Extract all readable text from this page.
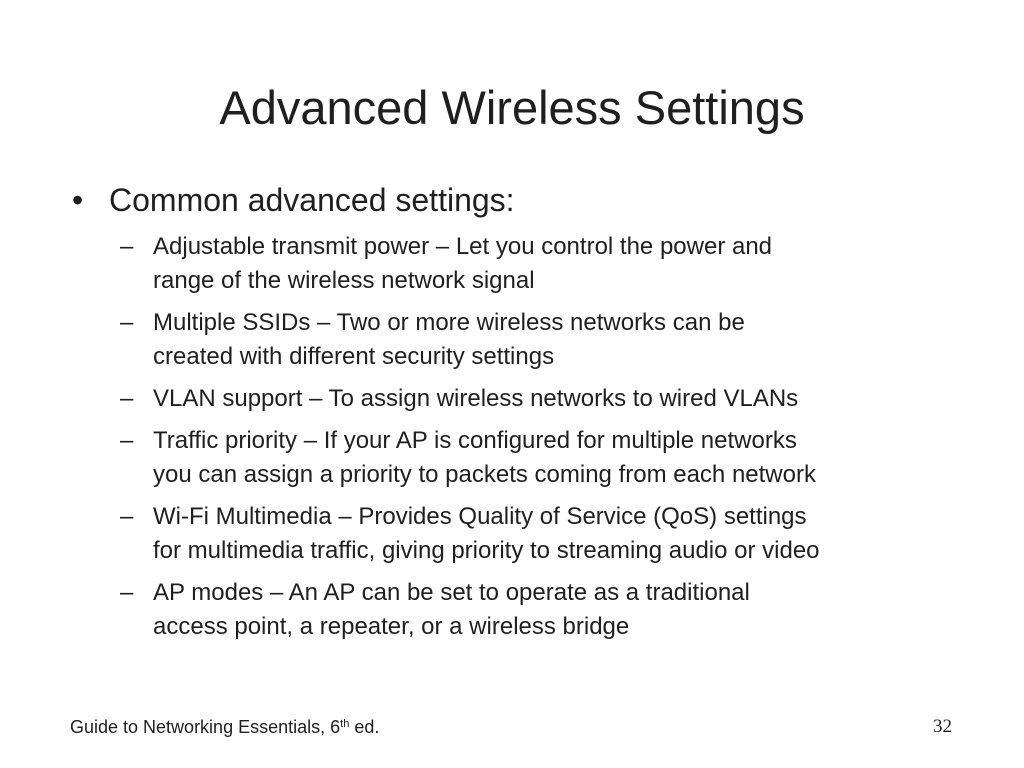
Advanced Wireless Settings
• Common advanced settings:
– Adjustable transmit power – Let you control the power and
range of the wireless network signal
– Multiple SSIDs – Two or more wireless networks can be
created with different security settings
– VLAN support – To assign wireless networks to wired VLANs
– Traffic priority – If your AP is configured for multiple networks
you can assign a priority to packets coming from each network
– Wi-Fi Multimedia – Provides Quality of Service (QoS) settings
for multimedia traffic, giving priority to streaming audio or video
– AP modes – An AP can be set to operate as a traditional
access point, a repeater, or a wireless bridge
Guide to Networking Essentials, 6th ed.	32
